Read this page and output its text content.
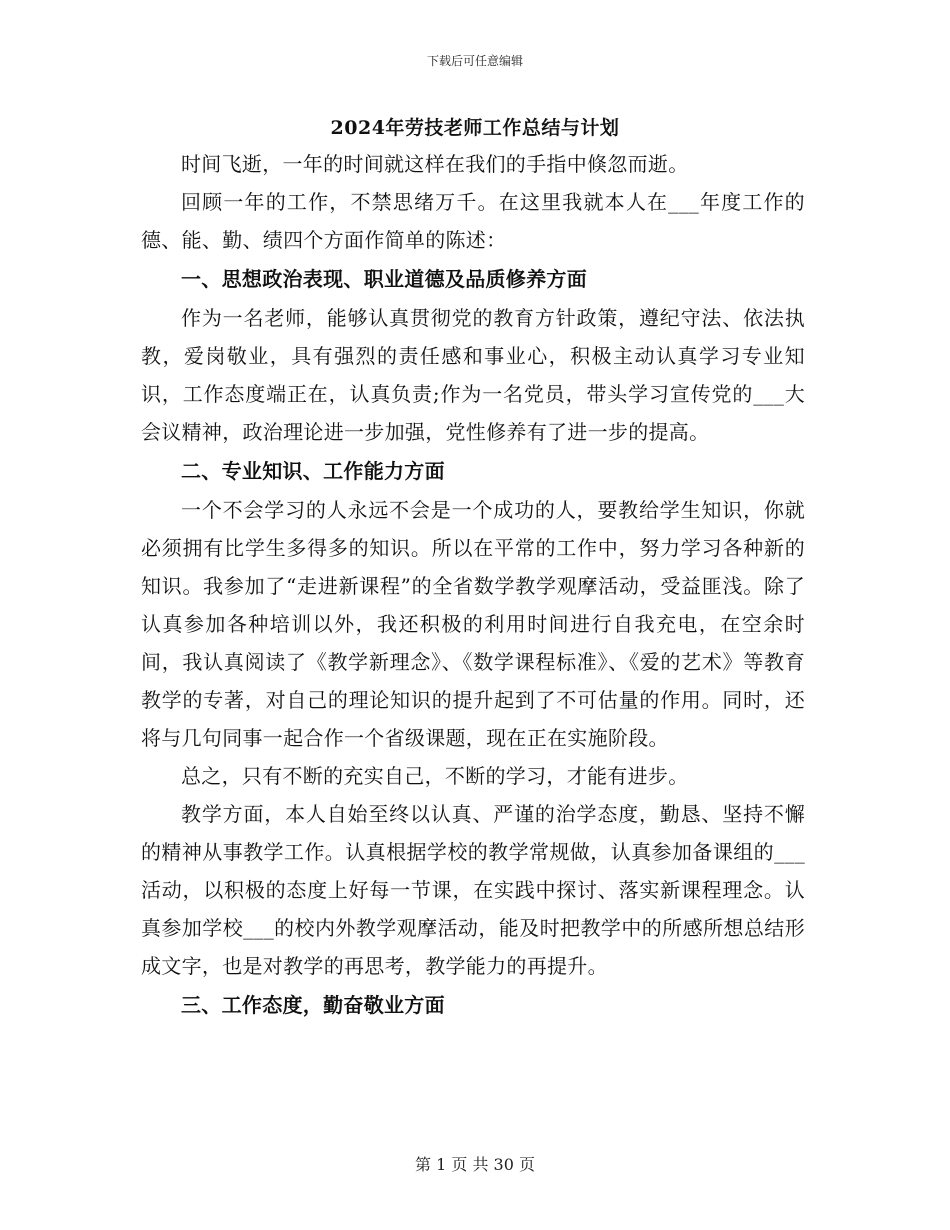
下载后可任意编辑
2024年劳技老师工作总结与计划

时间飞逝，一年的时间就这样在我们的手指中倏忽而逝。

回顾一年的工作，不禁思绪万千。在这里我就本人在___年度工作的德、能、勤、绩四个方面作简单的陈述：

一、思想政治表现、职业道德及品质修养方面

作为一名老师，能够认真贯彻党的教育方针政策，遵纪守法、依法执教，爱岗敬业，具有强烈的责任感和事业心，积极主动认真学习专业知识，工作态度端正在，认真负责;作为一名党员，带头学习宣传党的___大会议精神，政治理论进一步加强，党性修养有了进一步的提高。

二、专业知识、工作能力方面

一个不会学习的人永远不会是一个成功的人，要教给学生知识，你就必须拥有比学生多得多的知识。所以在平常的工作中，努力学习各种新的知识。我参加了“走进新课程”的全省数学教学观摩活动，受益匪浅。除了认真参加各种培训以外，我还积极的利用时间进行自我充电，在空余时间，我认真阅读了《教学新理念》、《数学课程标准》、《爱的艺术》等教育教学的专著，对自己的理论知识的提升起到了不可估量的作用。同时，还将与几句同事一起合作一个省级课题，现在正在实施阶段。

总之，只有不断的充实自己，不断的学习，才能有进步。

教学方面，本人自始至终以认真、严谨的治学态度，勤恳、坚持不懈的精神从事教学工作。认真根据学校的教学常规做，认真参加备课组的___活动，以积极的态度上好每一节课，在实践中探讨、落实新课程理念。认真参加学校___的校内外教学观摩活动，能及时把教学中的所感所想总结形成文字，也是对教学的再思考，教学能力的再提升。

三、工作态度，勤奋敬业方面

第 1 页 共 30 页
